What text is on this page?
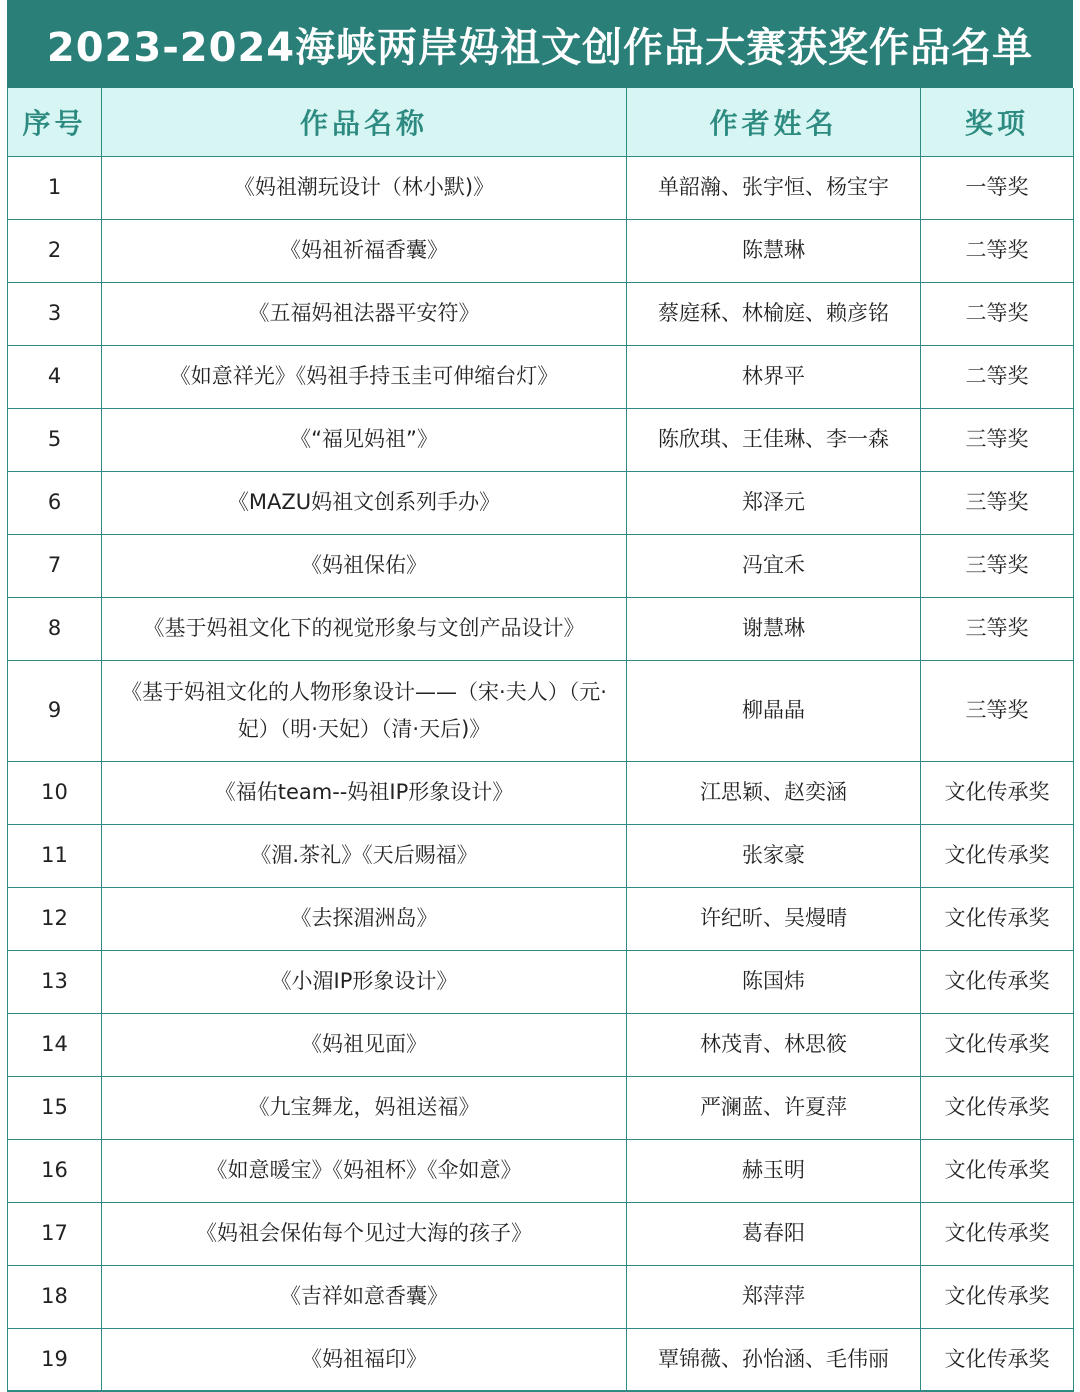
2023-2024海峡两岸妈祖文创作品大赛获奖作品名单
序号	作品名称	作者姓名	奖项
1	《妈祖潮玩设计（林小默)》	单韶瀚、张宇恒、杨宝宇	一等奖
2	《妈祖祈福香囊》	陈慧琳	二等奖
3	《五福妈祖法器平安符》	蔡庭秝、林榆庭、赖彦铭	二等奖
4	《如意祥光》《妈祖手持玉圭可伸缩台灯》	林界平	二等奖
5	《“福见妈祖”》	陈欣琪、王佳琳、李一森	三等奖
6	《MAZU妈祖文创系列手办》	郑泽元	三等奖
7	《妈祖保佑》	冯宜禾	三等奖
8	《基于妈祖文化下的视觉形象与文创产品设计》	谢慧琳	三等奖
9	《基于妈祖文化的人物形象设计——（宋·夫人）（元·妃）（明·天妃）（清·天后)》	柳晶晶	三等奖
10	《福佑team--妈祖IP形象设计》	江思颖、赵奕涵	文化传承奖
11	《湄.茶礼》《天后赐福》	张家豪	文化传承奖
12	《去探湄洲岛》	许纪昕、吴熳晴	文化传承奖
13	《小湄IP形象设计》	陈国炜	文化传承奖
14	《妈祖见面》	林茂青、林思筱	文化传承奖
15	《九宝舞龙，妈祖送福》	严澜蓝、许夏萍	文化传承奖
16	《如意暖宝》《妈祖杯》《伞如意》	赫玉明	文化传承奖
17	《妈祖会保佑每个见过大海的孩子》	葛春阳	文化传承奖
18	《吉祥如意香囊》	郑萍萍	文化传承奖
19	《妈祖福印》	覃锦薇、孙怡涵、毛伟丽	文化传承奖
